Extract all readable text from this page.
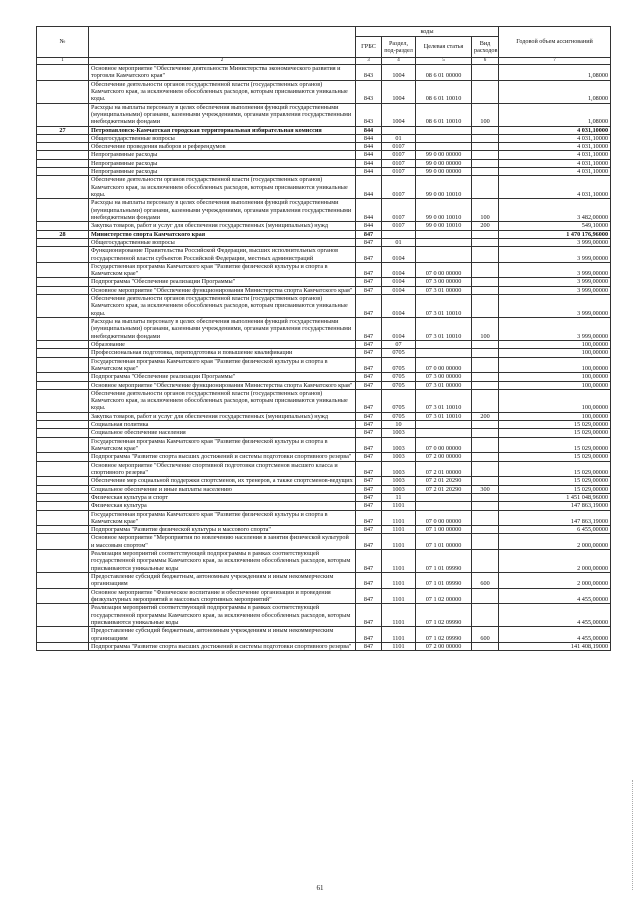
№		коды				Годовой объем ассигнований
		ГРБС	Раздел, под-раздел	Целевая статья	Вид расходов	
1	2	3	4	5	6	7
	Основное мероприятие "Обеспечение деятельности Министерства экономического развития и торговли Камчатского края"	843	1004	08 6 01 00000		1,08000
	Обеспечение деятельности органов государственной власти (государственных органов) Камчатского края, за исключением обособленных расходов, которым присваиваются уникальные коды.	843	1004	08 6 01 10010		1,08000
	Расходы на выплаты персоналу в целях обеспечения выполнения функций государственными (муниципальными) органами, казенными учреждениями, органами управления государственными внебюджетными фондами	843	1004	08 6 01 10010	100	1,08000
27	Петропавловск-Камчатская городская территориальная избирательная комиссия	844				4 031,10000
	Общегосударственные вопросы	844	01			4 031,10000
	Обеспечение проведения выборов и референдумов	844	0107			4 031,10000
	Непрограммные расходы	844	0107	99 0 00 00000		4 031,10000
	Непрограммные расходы	844	0107	99 0 00 00000		4 031,10000
	Непрограммные расходы	844	0107	99 0 00 00000		4 031,10000
	Обеспечение деятельности органов государственной власти (государственных органов) Камчатского края, за исключением обособленных расходов, которым присваиваются уникальные коды.	844	0107	99 0 00 10010		4 031,10000
	Расходы на выплаты персоналу в целях обеспечения выполнения функций государственными (муниципальными) органами, казенными учреждениями, органами управления государственными внебюджетными фондами	844	0107	99 0 00 10010	100	3 482,00000
	Закупка товаров, работ и услуг для обеспечения государственных (муниципальных) нужд	844	0107	99 0 00 10010	200	549,10000
28	Министерство спорта Камчатского края	847				1 470 176,96000
	Общегосударственные вопросы	847	01			3 999,00000
	Функционирование Правительства Российской Федерации, высших исполнительных органов государственной власти субъектов Российской Федерации, местных администраций	847	0104			3 999,00000
	Государственная программа Камчатского края "Развитие физической культуры и спорта в Камчатском крае"	847	0104	07 0 00 00000		3 999,00000
	Подпрограмма "Обеспечение реализации Программы"	847	0104	07 3 00 00000		3 999,00000
	Основное мероприятие "Обеспечение функционирования Министерства спорта Камчатского края"	847	0104	07 3 01 00000		3 999,00000
	Обеспечение деятельности органов государственной власти (государственных органов) Камчатского края, за исключением обособленных расходов, которым присваиваются уникальные коды.	847	0104	07 3 01 10010		3 999,00000
	Расходы на выплаты персоналу в целях обеспечения выполнения функций государственными (муниципальными) органами, казенными учреждениями, органами управления государственными внебюджетными фондами	847	0104	07 3 01 10010	100	3 999,00000
	Образование	847	07			100,00000
	Профессиональная подготовка, переподготовка и повышение квалификации	847	0705			100,00000
	Государственная программа Камчатского края "Развитие физической культуры и спорта в Камчатском крае"	847	0705	07 0 00 00000		100,00000
	Подпрограмма "Обеспечение реализации Программы"	847	0705	07 3 00 00000		100,00000
	Основное мероприятие "Обеспечение функционирования Министерства спорта Камчатского края"	847	0705	07 3 01 00000		100,00000
	Обеспечение деятельности органов государственной власти (государственных органов) Камчатского края, за исключением обособленных расходов, которым присваиваются уникальные коды.	847	0705	07 3 01 10010		100,00000
	Закупка товаров, работ и услуг для обеспечения государственных (муниципальных) нужд	847	0705	07 3 01 10010	200	100,00000
	Социальная политика	847	10			15 029,00000
	Социальное обеспечение населения	847	1003			15 029,00000
	Государственная программа Камчатского края "Развитие физической культуры и спорта в Камчатском крае"	847	1003	07 0 00 00000		15 029,00000
	Подпрограмма "Развитие спорта высших достижений и системы подготовки спортивного резерва"	847	1003	07 2 00 00000		15 029,00000
	Основное мероприятие "Обеспечение спортивной подготовки спортсменов высшего класса и спортивного резерва"	847	1003	07 2 01 00000		15 029,00000
	Обеспечение мер социальной поддержки спортсменов, их тренеров, а также спортсменов-ведущих	847	1003	07 2 01 20290		15 029,00000
	Социальное обеспечение и иные выплаты населению	847	1003	07 2 01 20290	300	15 029,00000
	Физическая культура и спорт	847	11			1 451 048,96000
	Физическая культура	847	1101			147 863,19000
	Государственная программа Камчатского края "Развитие физической культуры и спорта в Камчатском крае"	847	1101	07 0 00 00000		147 863,19000
	Подпрограмма "Развитие физической культуры и массового спорта"	847	1101	07 1 00 00000		6 455,00000
	Основное мероприятие "Мероприятия по вовлечению населения в занятия физической культурой и массовым спортом"	847	1101	07 1 01 00000		2 000,00000
	Реализация мероприятий соответствующей подпрограммы в рамках соответствующей государственной программы Камчатского края, за исключением обособленных расходов, которым присваиваются уникальные коды	847	1101	07 1 01 09990		2 000,00000
	Предоставление субсидий бюджетным, автономным учреждениям и иным некоммерческим организациям	847	1101	07 1 01 09990	600	2 000,00000
	Основное мероприятие "Физическое воспитание и обеспечение организации и проведения физкультурных мероприятий и массовых спортивных мероприятий"	847	1101	07 1 02 00000		4 455,00000
	Реализация мероприятий соответствующей подпрограммы в рамках соответствующей государственной программы Камчатского края, за исключением обособленных расходов, которым присваиваются уникальные коды	847	1101	07 1 02 09990		4 455,00000
	Предоставление субсидий бюджетным, автономным учреждениям и иным некоммерческим организациям	847	1101	07 1 02 09990	600	4 455,00000
	Подпрограмма "Развитие спорта высших достижений и системы подготовки спортивного резерва"	847	1101	07 2 00 00000		141 408,19000
61
